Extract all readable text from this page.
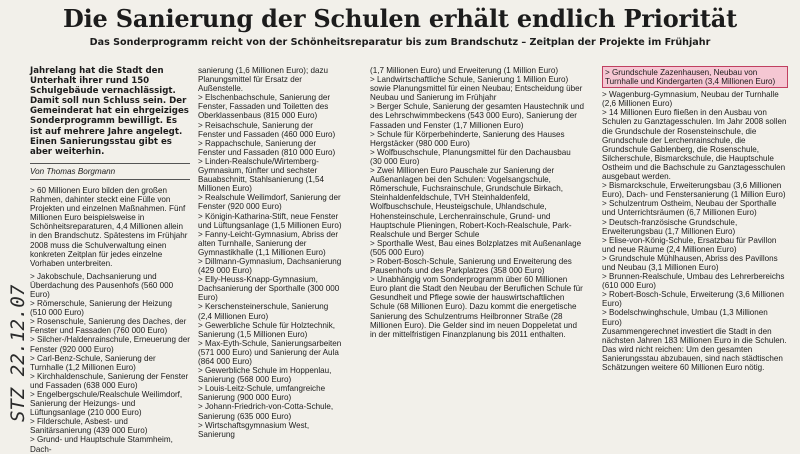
Die Sanierung der Schulen erhält endlich Priorität
Das Sonderprogramm reicht von der Schönheitsreparatur bis zum Brandschutz – Zeitplan der Projekte im Frühjahr

Jahrelang hat die Stadt den Unterhalt ihrer rund 150 Schulgebäude vernachlässigt. Damit soll nun Schluss sein. Der Gemeinderat hat ein ehrgeiziges Sonderprogramm bewilligt. Es ist auf mehrere Jahre angelegt. Einen Sanierungsstau gibt es aber weiterhin.

Von Thomas Borgmann

> 60 Millionen Euro bilden den großen Rahmen, dahinter steckt eine Fülle von Projekten und einzelnen Maßnahmen. Fünf Millionen Euro beispielsweise in Schönheitsreparaturen, 4,4 Millionen allein in den Brandschutz. Spätestens im Frühjahr 2008 muss die Schulverwaltung einen konkreten Zeitplan für jedes einzelne Vorhaben unterbreiten.

> Jakobschule, Dachsanierung und Überdachung des Pausenhofs (560 000 Euro)
> Römerschule, Sanierung der Heizung (510 000 Euro)
> Rosenschule, Sanierung des Daches, der Fenster und Fassaden (760 000 Euro)
> Silcher-/Haldenrainschule, Erneuerung der Fenster (920 000 Euro)
> Carl-Benz-Schule, Sanierung der Turnhalle (1,2 Millionen Euro)
> Kirchhaldenschule, Sanierung der Fenster und Fassaden (638 000 Euro)
> Engelbergschule/Realschule Weilimdorf, Sanierung der Heizungs- und Lüftungsanlage (210 000 Euro)
> Filderschule, Asbest- und Sanitärsanierung (439 000 Euro)
> Grund- und Hauptschule Stammheim, Dach-
sanierung (1,6 Millionen Euro); dazu Planungsmittel für Ersatz der Außenstelle.
> Elschenbachschule, Sanierung der Fenster, Fassaden und Toiletten des Oberklassenbaus (815 000 Euro)
> Reisachschule, Sanierung der Fenster und Fassaden (460 000 Euro)
> Rappachschule, Sanierung der Fenster und Fassaden (810 000 Euro)
> Linden-Realschule/Wirtemberg-Gymnasium, fünfter und sechster Bauabschnitt, Stahlsanierung (1,54 Millionen Euro)
> Realschule Weilimdorf, Sanierung der Fenster (920 000 Euro)
> Königin-Katharina-Stift, neue Fenster und Lüftungsanlage (1,5 Millionen Euro)
> Fanny-Leicht-Gymnasium, Abriss der alten Turnhalle, Sanierung der Gymnastikhalle (1,1 Millionen Euro)
> Dillmann-Gymnasium, Dachsanierung (429 000 Euro)
> Elly-Heuss-Knapp-Gymnasium, Dachsanierung der Sporthalle (300 000 Euro)
> Kerschensteinerschule, Sanierung (2,4 Millionen Euro)
> Gewerbliche Schule für Holztechnik, Sanierung (1,5 Millionen Euro)
> Max-Eyth-Schule, Sanierungsarbeiten (571 000 Euro) und Sanierung der Aula (864 000 Euro)
> Gewerbliche Schule im Hoppenlau, Sanierung (568 000 Euro)
> Louis-Leitz-Schule, umfangreiche Sanierung (900 000 Euro)
> Johann-Friedrich-von-Cotta-Schule, Sanierung (635 000 Euro)
> Wirtschaftsgymnasium West, Sanierung
(1,7 Millionen Euro) und Erweiterung (1 Million Euro)
> Landwirtschaftliche Schule, Sanierung 1 Million Euro) sowie Planungsmittel für einen Neubau; Entscheidung über Neubau und Sanierung im Frühjahr
> Berger Schule, Sanierung der gesamten Haustechnik und des Lehrschwimmbeckens (543 000 Euro), Sanierung der Fassaden und Fenster (1,7 Millionen Euro)
> Schule für Körperbehinderte, Sanierung des Hauses Hergstäcker (980 000 Euro)
> Wolfbuschschule, Planungsmittel für den Dachausbau (30 000 Euro)
> Zwei Millionen Euro Pauschale zur Sanierung der Außenanlagen bei den Schulen: Vogelsangschule, Römerschule, Fuchsrainschule, Grundschule Birkach, Steinhaldenfeldschule, TVH Steinhaldenfeld, Wolfbuschschule, Heusteigschule, Uhlandschule, Hohensteinschule, Lerchenrainschule, Grund- und Hauptschule Plieningen, Robert-Koch-Realschule, Park-Realschule und Berger Schule
> Sporthalle West, Bau eines Bolzplatzes mit Außenanlage (505 000 Euro)
> Robert-Bosch-Schule, Sanierung und Erweiterung des Pausenhofs und des Parkplatzes (358 000 Euro)
> Unabhängig vom Sonderprogramm über 60 Millionen Euro plant die Stadt den Neubau der Beruflichen Schule für Gesundheit und Pflege sowie der hauswirtschaftlichen Schule (68 Millionen Euro). Dazu kommt die energetische Sanierung des Schulzentrums Heilbronner Straße (28 Millionen Euro). Die Gelder sind im neuen Doppeletat und in der mittelfristigen Finanzplanung bis 2011 enthalten.
> Grundschule Zazenhausen, Neubau von Turnhalle und Kindergarten (3,4 Millionen Euro)
> Wagenburg-Gymnasium, Neubau der Turnhalle (2,6 Millionen Euro)
> 14 Millionen Euro fließen in den Ausbau von Schulen zu Ganztagesschulen. Im Jahr 2008 sollen die Grundschule der Rosensteinschule, die Grundschule der Lerchenrainschule, die Grundschule Gablenberg, die Rosenschule, Silcherschule, Bismarckschule, die Hauptschule Ostheim und die Bachschule zu Ganztagesschulen ausgebaut werden.
> Bismarckschule, Erweiterungsbau (3,6 Millionen Euro), Dach- und Fenstersanierung (1 Million Euro)
> Schulzentrum Ostheim, Neubau der Sporthalle und Unterrichtsräumen (6,7 Millionen Euro)
> Deutsch-französische Grundschule, Erweiterungsbau (1,7 Millionen Euro)
> Elise-von-König-Schule, Ersatzbau für Pavillon und neue Räume (2,4 Millionen Euro)
> Grundschule Mühlhausen, Abriss des Pavillons und Neubau (3,1 Millionen Euro)
> Brunnen-Realschule, Umbau des Lehrerbereichs (610 000 Euro)
> Robert-Bosch-Schule, Erweiterung (3,6 Millionen Euro)
> Bodelschwinghschule, Umbau (1,3 Millionen Euro)
Zusammengerechnet investiert die Stadt in den nächsten Jahren 183 Millionen Euro in die Schulen. Das wird nicht reichen: Um den gesamten Sanierungsstau abzubauen, sind nach städtischen Schätzungen weitere 60 Millionen Euro nötig.
STZ 22.12.07
